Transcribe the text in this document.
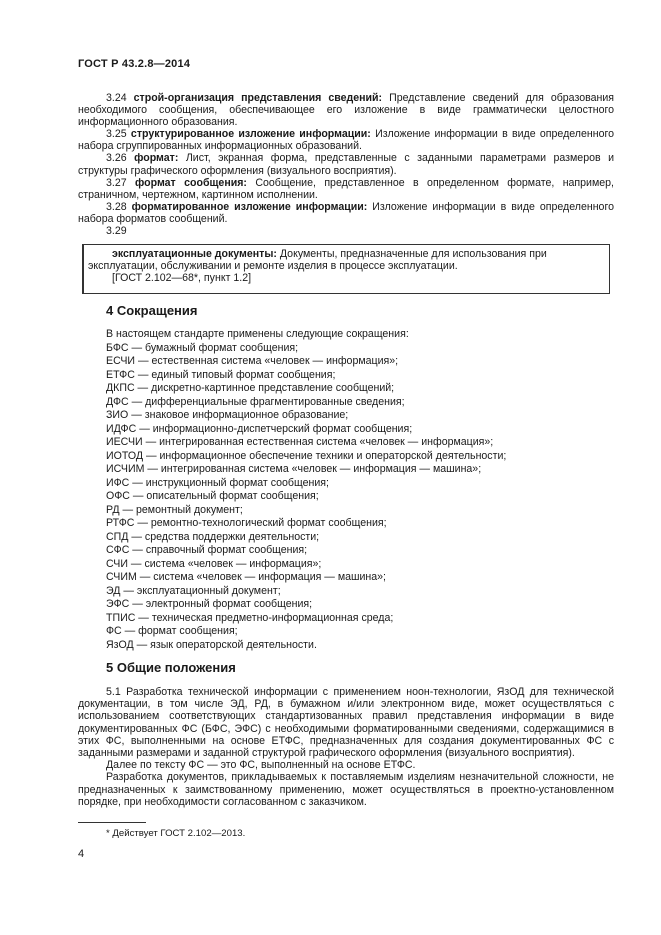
ГОСТ Р 43.2.8—2014

3.24 строй-организация представления сведений: Представление сведений для образования необходимого сообщения, обеспечивающее его изложение в виде грамматически целостного информационного образования.

3.25 структурированное изложение информации: Изложение информации в виде определенного набора сгруппированных информационных образований.

3.26 формат: Лист, экранная форма, представленные с заданными параметрами размеров и структуры графического оформления (визуального восприятия).

3.27 формат сообщения: Сообщение, представленное в определенном формате, например, страничном, чертежном, картинном исполнении.

3.28 форматированное изложение информации: Изложение информации в виде определенного набора форматов сообщений.

3.29

эксплуатационные документы: Документы, предназначенные для использования при эксплуатации, обслуживании и ремонте изделия в процессе эксплуатации.

[ГОСТ 2.102—68*, пункт 1.2]

4 Сокращения
В настоящем стандарте применены следующие сокращения:
БФС — бумажный формат сообщения;
ЕСЧИ — естественная система «человек — информация»;
ЕТФС — единый типовый формат сообщения;
ДКПС — дискретно-картинное представление сообщений;
ДФС — дифференциальные фрагментированные сведения;
ЗИО — знаковое информационное образование;
ИДФС — информационно-диспетчерский формат сообщения;
ИЕСЧИ — интегрированная естественная система «человек — информация»;
ИОТОД — информационное обеспечение техники и операторской деятельности;
ИСЧИМ — интегрированная система «человек — информация — машина»;
ИФС — инструкционный формат сообщения;
ОФС — описательный формат сообщения;
РД — ремонтный документ;
РТФС — ремонтно-технологический формат сообщения;
СПД — средства поддержки деятельности;
СФС — справочный формат сообщения;
СЧИ — система «человек — информация»;
СЧИМ — система «человек — информация — машина»;
ЭД — эксплуатационный документ;
ЭФС — электронный формат сообщения;
ТПИС — техническая предметно-информационная среда;
ФС — формат сообщения;
ЯзОД — язык операторской деятельности.
5 Общие положения

5.1 Разработка технической информации с применением ноон-технологии, ЯзОД для технической документации, в том числе ЭД, РД, в бумажном и/или электронном виде, может осуществляться с использованием соответствующих стандартизованных правил представления информации в виде документированных ФС (БФС, ЭФС) с необходимыми форматированными сведениями, содержащимися в этих ФС, выполненными на основе ЕТФС, предназначенных для создания документированных ФС с заданными размерами и заданной структурой графического оформления (визуального восприятия).

Далее по тексту ФС — это ФС, выполненный на основе ЕТФС.

Разработка документов, прикладываемых к поставляемым изделиям незначительной сложности, не предназначенных к заимствованному применению, может осуществляться в проектно-установленном порядке, при необходимости согласованном с заказчиком.

* Действует ГОСТ 2.102—2013.
4
